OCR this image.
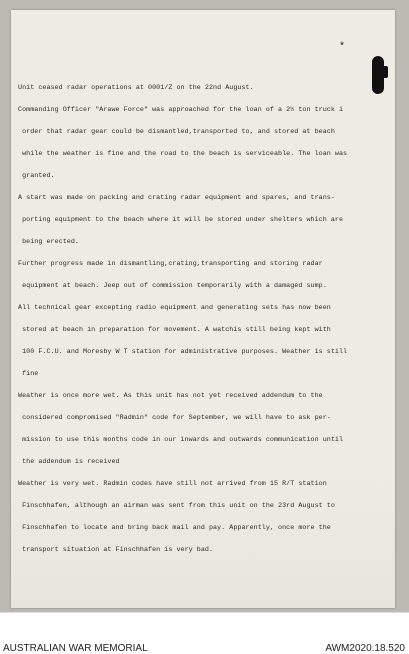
*

Unit ceased radar operations at 0001/Z on the 22nd August.

Commanding Officer "Arawe Force" was approached for the loan of a 2½ ton truck i

order that radar gear could be dismantled,transported to, and stored at beach

while the weather is fine and the road to the beach is serviceable. The loan was

granted.

A start was made on packing and crating radar equipment and spares, and trans-

porting equipment to the beach where it will be stored under shelters which are

being erected.

Further progress made in dismantling,crating,transporting and storing radar

equipment at beach. Jeep out of commission temporarily with a damaged sump.

All technical gear excepting radio equipment and generating sets has now been

stored at beach in preparation for movement. A watchis still being kept with

100 F.C.U. and Moresby W T station for administrative purposes. Weather is still

fine

Weather is once more wet. As this unit has not yet received addendum to the

considered compromised "Radmin" code for September, we will have to ask per-

mission to use this months code in our inwards and outwards communication until

the addendum is received

Weather is very wet. Radmin codes have still not arrived from 15 R/T station

Finschhafen, although an airman was sent from this unit on the 23rd August to

Finschhafen to locate and bring back mail and pay. Apparently, once more the

transport situation at Finschhafen is very bad.

AUSTRALIAN WAR MEMORIAL	AWM2020.18.520
